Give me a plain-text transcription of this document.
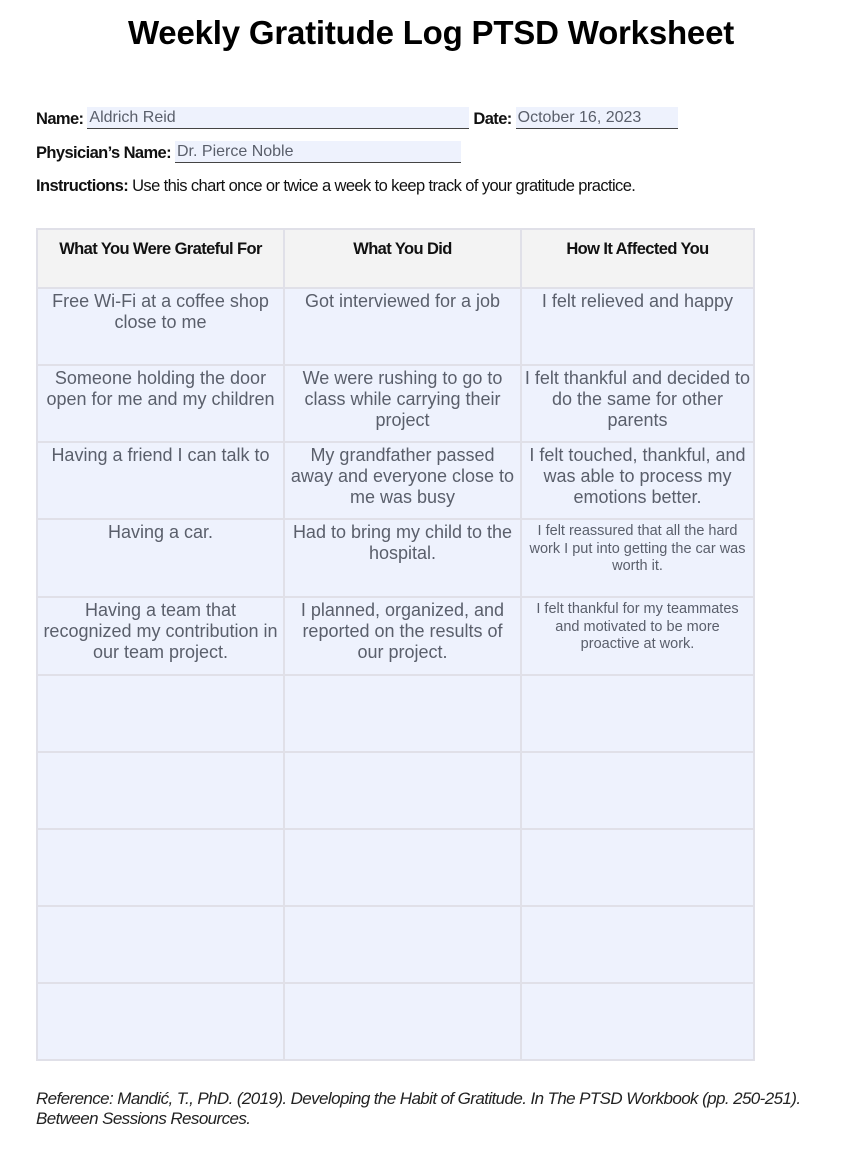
Weekly Gratitude Log PTSD Worksheet
Name: Aldrich Reid	Date: October 16, 2023
Physician’s Name: Dr. Pierce Noble
Instructions: Use this chart once or twice a week to keep track of your gratitude practice.
What You Were Grateful For	What You Did	How It Affected You
Free Wi-Fi at a coffee shop close to me	Got interviewed for a job	I felt relieved and happy
Someone holding the door open for me and my children	We were rushing to go to class while carrying their project	I felt thankful and decided to do the same for other parents
Having a friend I can talk to	My grandfather passed away and everyone close to me was busy	I felt touched, thankful, and was able to process my emotions better.
Having a car.	Had to bring my child to the hospital.	I felt reassured that all the hard work I put into getting the car was worth it.
Having a team that recognized my contribution in our team project.	I planned, organized, and reported on the results of our project.	I felt thankful for my teammates and motivated to be more proactive at work.

Reference: Mandić, T., PhD. (2019). Developing the Habit of Gratitude. In The PTSD Workbook (pp. 250-251). Between Sessions Resources.
